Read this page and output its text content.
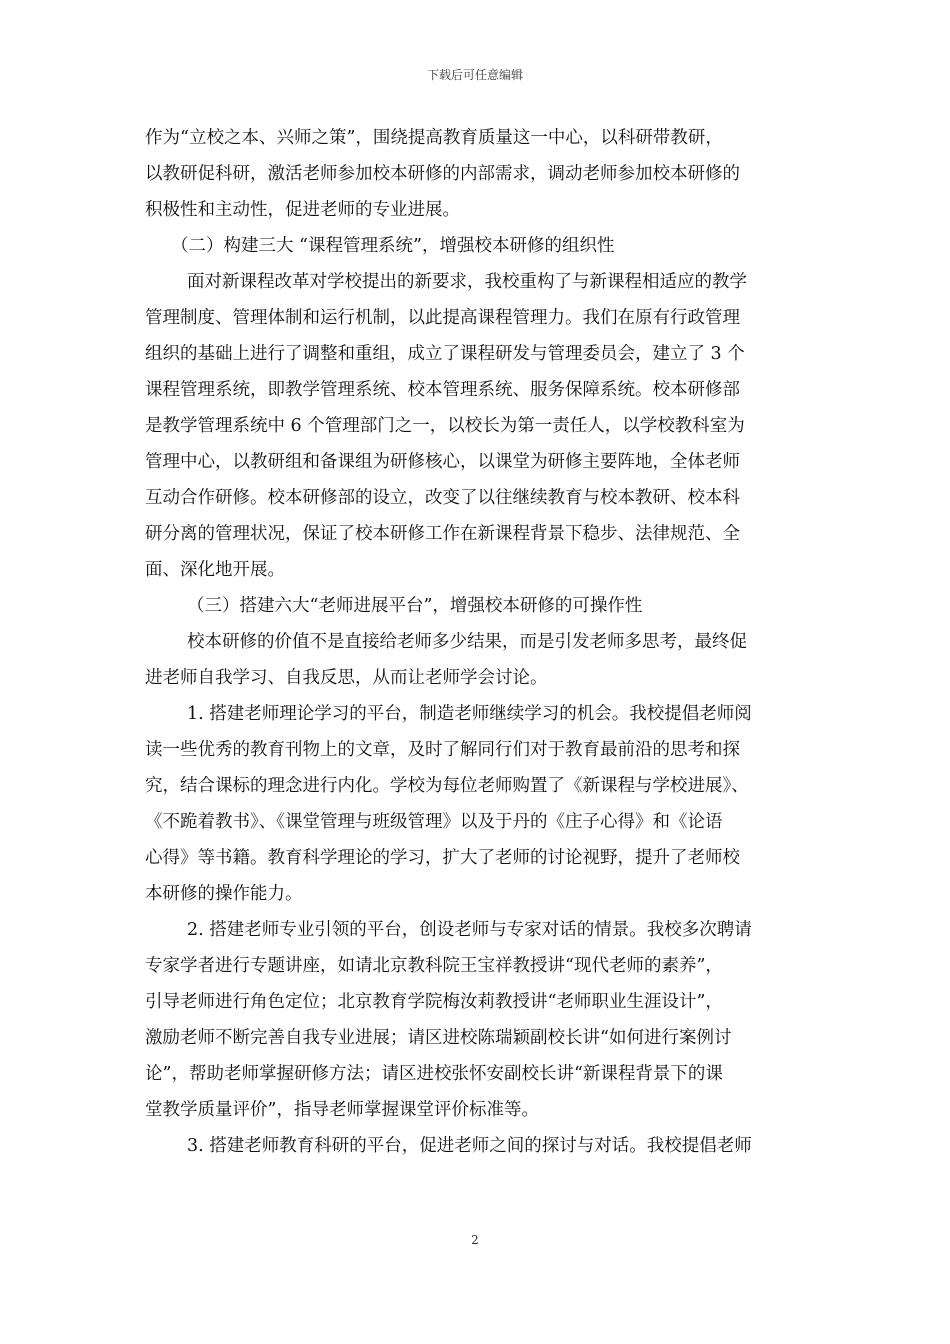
下载后可任意编辑
作为“立校之本、兴师之策”，围绕提高教育质量这一中心，以科研带教研，
以教研促科研，激活老师参加校本研修的内部需求，调动老师参加校本研修的
积极性和主动性，促进老师的专业进展。
（二）构建三大 “课程管理系统”，增强校本研修的组织性
面对新课程改革对学校提出的新要求，我校重构了与新课程相适应的教学
管理制度、管理体制和运行机制，以此提高课程管理力。我们在原有行政管理
组织的基础上进行了调整和重组，成立了课程研发与管理委员会，建立了 3 个
课程管理系统，即教学管理系统、校本管理系统、服务保障系统。校本研修部
是教学管理系统中 6 个管理部门之一，以校长为第一责任人，以学校教科室为
管理中心，以教研组和备课组为研修核心，以课堂为研修主要阵地，全体老师
互动合作研修。校本研修部的设立，改变了以往继续教育与校本教研、校本科
研分离的管理状况，保证了校本研修工作在新课程背景下稳步、法律规范、全
面、深化地开展。
（三）搭建六大“老师进展平台”，增强校本研修的可操作性
校本研修的价值不是直接给老师多少结果，而是引发老师多思考，最终促
进老师自我学习、自我反思，从而让老师学会讨论。
1. 搭建老师理论学习的平台，制造老师继续学习的机会。我校提倡老师阅
读一些优秀的教育刊物上的文章，及时了解同行们对于教育最前沿的思考和探
究，结合课标的理念进行内化。学校为每位老师购置了《新课程与学校进展》、
《不跪着教书》、《课堂管理与班级管理》以及于丹的《庄子心得》和《论语
心得》等书籍。教育科学理论的学习，扩大了老师的讨论视野，提升了老师校
本研修的操作能力。
2. 搭建老师专业引领的平台，创设老师与专家对话的情景。我校多次聘请
专家学者进行专题讲座，如请北京教科院王宝祥教授讲“现代老师的素养”，
引导老师进行角色定位；北京教育学院梅汝莉教授讲“老师职业生涯设计”，
激励老师不断完善自我专业进展；请区进校陈瑞颖副校长讲“如何进行案例讨
论”，帮助老师掌握研修方法；请区进校张怀安副校长讲“新课程背景下的课
堂教学质量评价”，指导老师掌握课堂评价标准等。
3. 搭建老师教育科研的平台，促进老师之间的探讨与对话。我校提倡老师
2
